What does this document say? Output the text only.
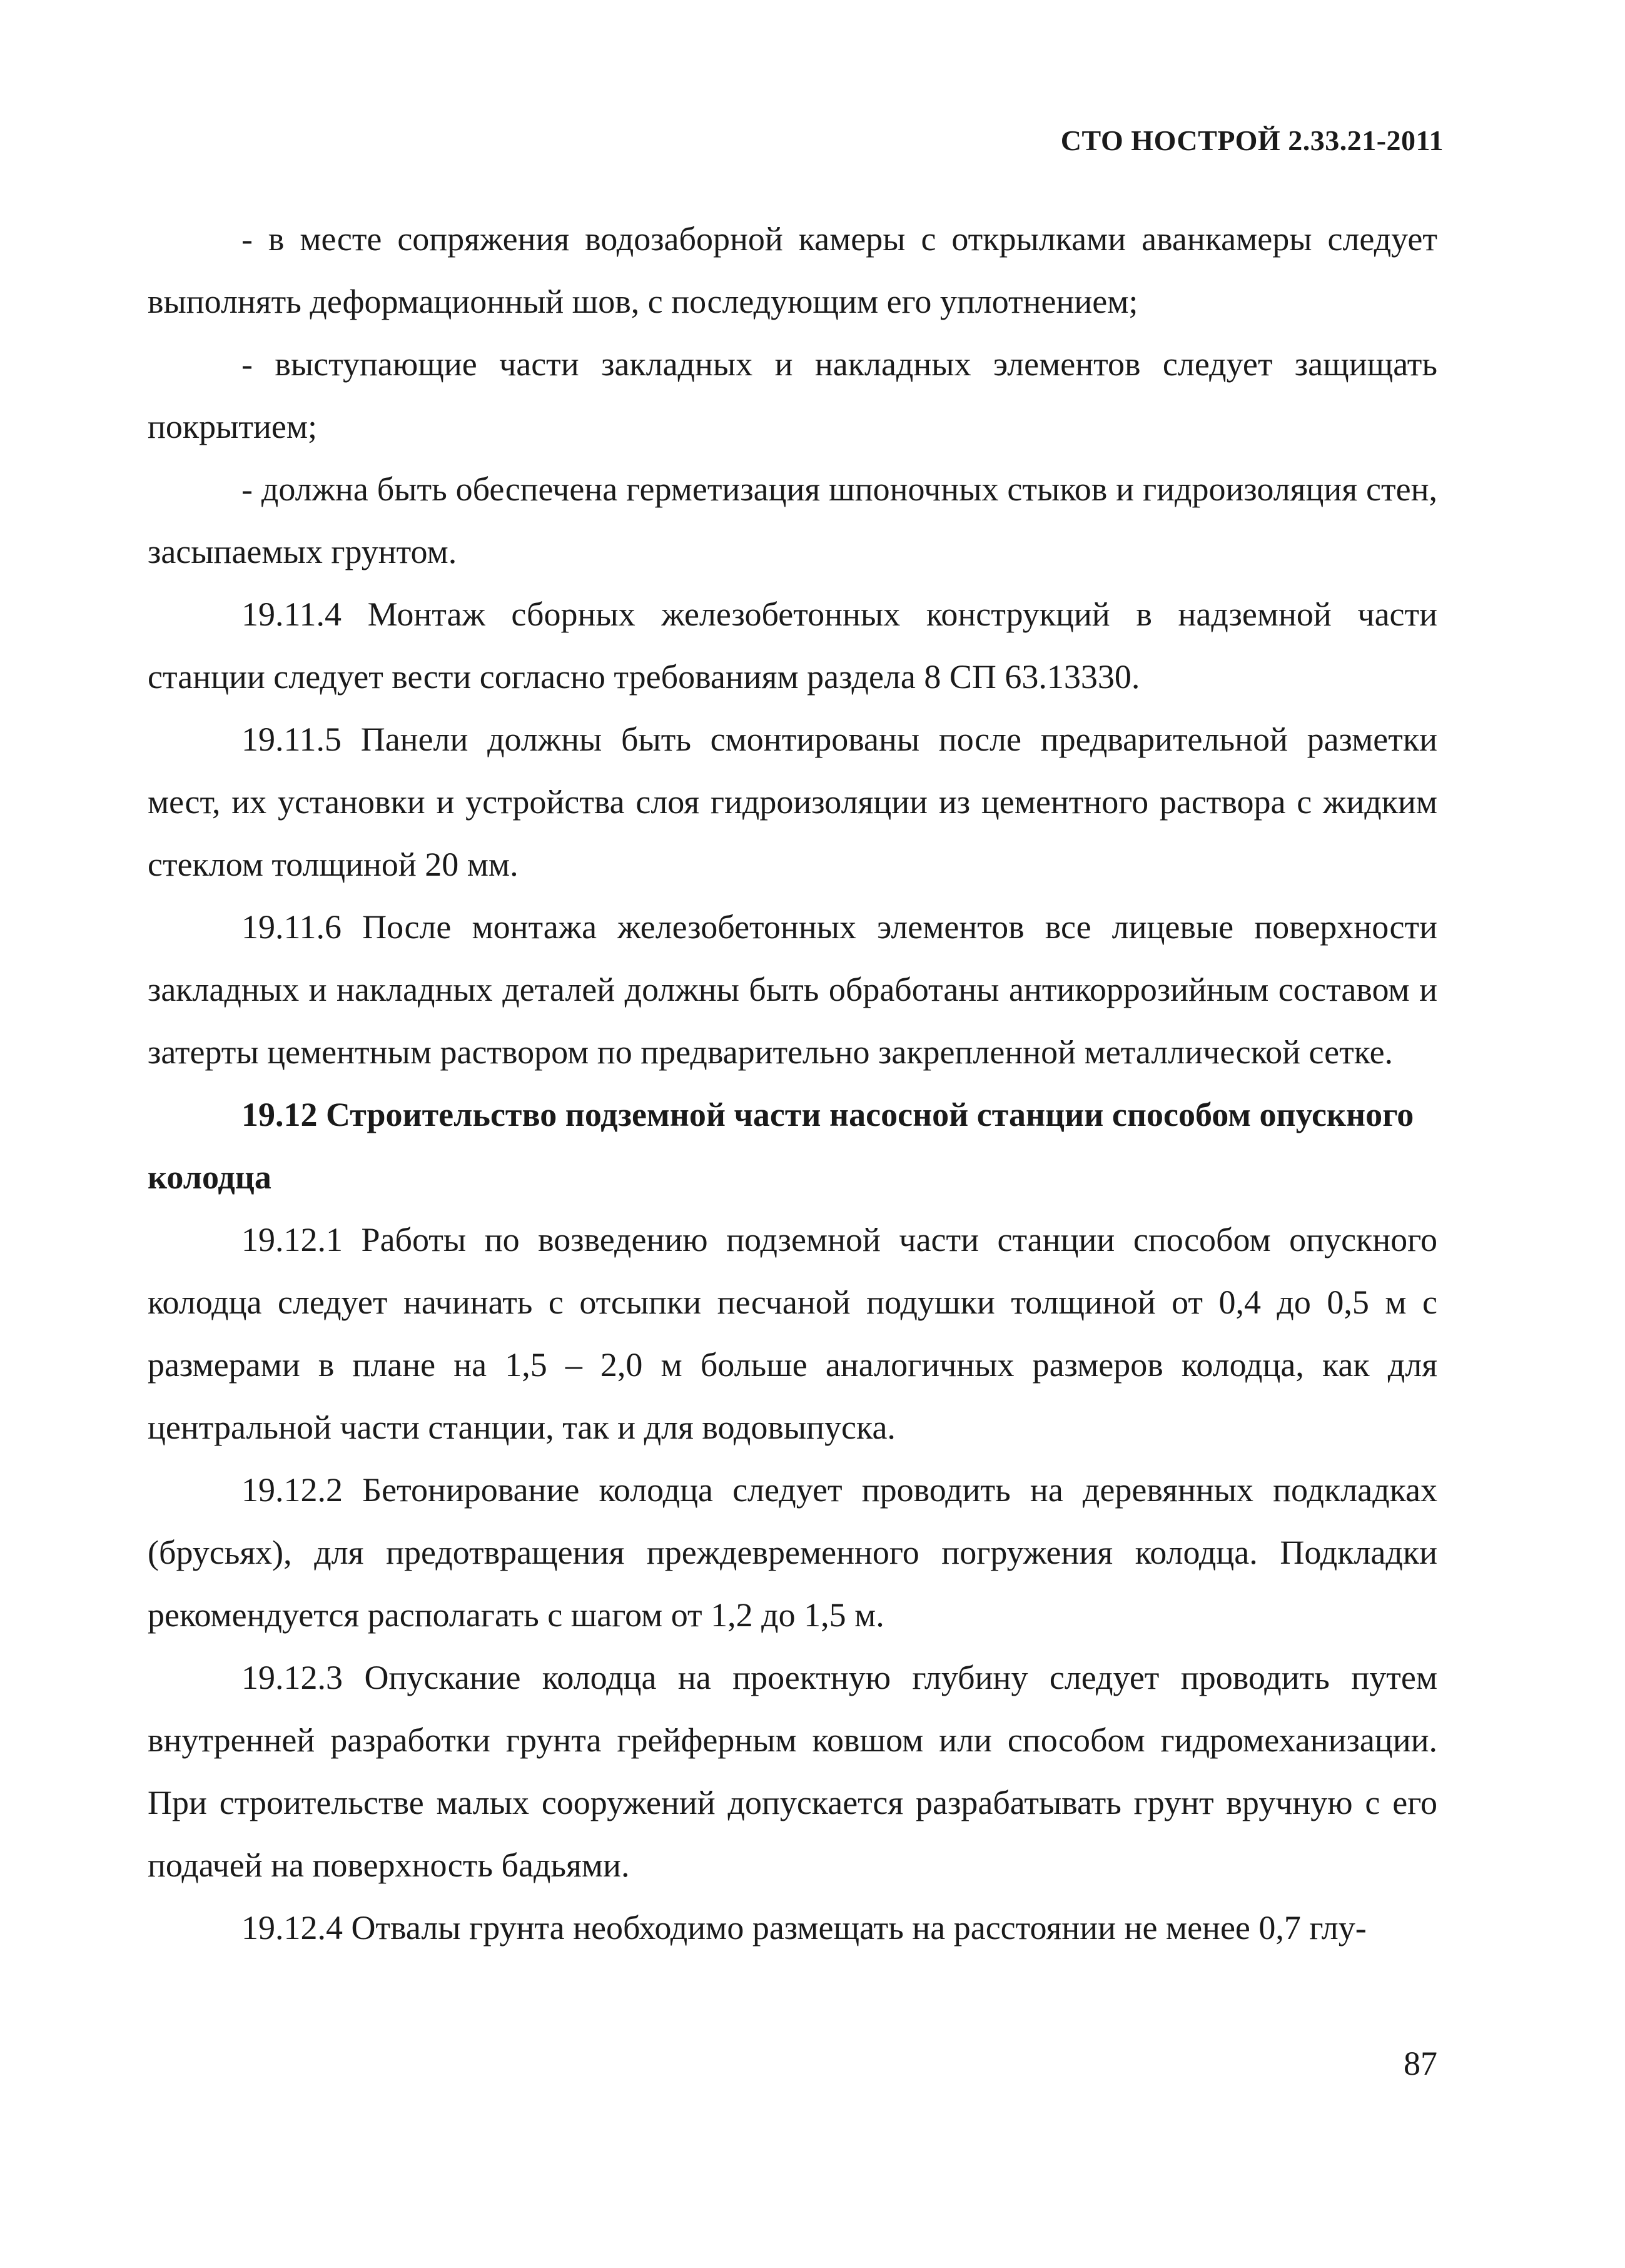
СТО НОСТРОЙ 2.33.21-2011

- в месте сопряжения водозаборной камеры с открылками аванкамеры следует выполнять деформационный шов, с последующим его уплотнением;

- выступающие части закладных и накладных элементов следует защищать покрытием;

- должна быть обеспечена герметизация шпоночных стыков и гидроизоляция стен, засыпаемых грунтом.

19.11.4 Монтаж сборных железобетонных конструкций в надземной части станции следует вести согласно требованиям раздела 8 СП 63.13330.

19.11.5 Панели должны быть смонтированы после предварительной разметки мест, их установки и устройства слоя гидроизоляции из цементного раствора с жидким стеклом толщиной 20 мм.

19.11.6 После монтажа железобетонных элементов все лицевые поверхности закладных и накладных деталей должны быть обработаны антикоррозийным составом и затерты цементным раствором по предварительно закрепленной металлической сетке.

19.12 Строительство подземной части насосной станции способом опускного колодца

19.12.1 Работы по возведению подземной части станции способом опускного колодца следует начинать с отсыпки песчаной подушки толщиной от 0,4 до 0,5 м с размерами в плане на 1,5 – 2,0 м больше аналогичных размеров колодца, как для центральной части станции, так и для водовыпуска.

19.12.2 Бетонирование колодца следует проводить на деревянных подкладках (брусьях), для предотвращения преждевременного погружения колодца. Подкладки рекомендуется располагать с шагом от 1,2 до 1,5 м.

19.12.3 Опускание колодца на проектную глубину следует проводить путем внутренней разработки грунта грейферным ковшом или способом гидромеханизации. При строительстве малых сооружений допускается разрабатывать грунт вручную с его подачей на поверхность бадьями.

19.12.4 Отвалы грунта необходимо размещать на расстоянии не менее 0,7 глу-

87
